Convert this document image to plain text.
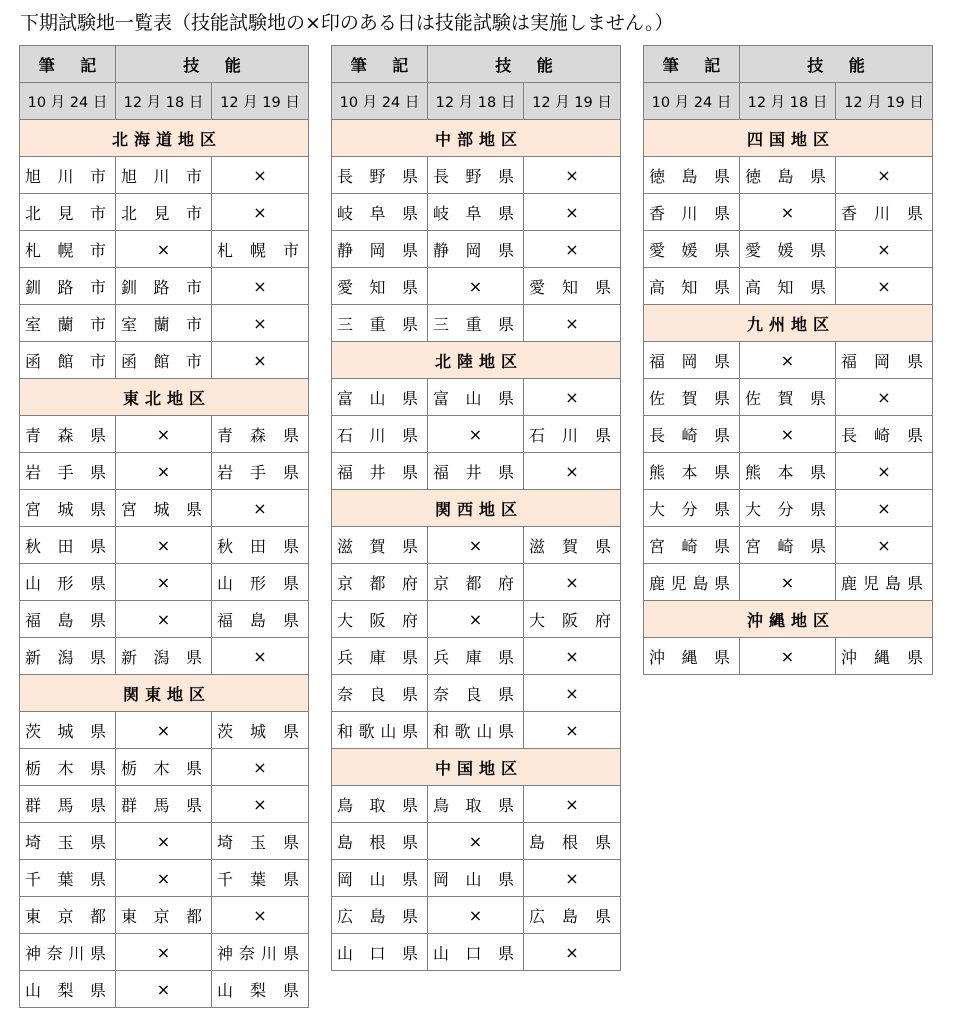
下期試験地一覧表（技能試験地の×印のある日は技能試験は実施しません。）
筆 記	技 能	
10 月 24 日	12 月 18 日	12 月 19 日
北海道地区		
旭川市	旭川市	×
北見市	北見市	×
札幌市	×	札幌市
釧路市	釧路市	×
室蘭市	室蘭市	×
函館市	函館市	×
東北地区		
青森県	×	青森県
岩手県	×	岩手県
宮城県	宮城県	×
秋田県	×	秋田県
山形県	×	山形県
福島県	×	福島県
新潟県	新潟県	×
関東地区		
茨城県	×	茨城県
栃木県	栃木県	×
群馬県	群馬県	×
埼玉県	×	埼玉県
千葉県	×	千葉県
東京都	東京都	×
神奈川県	×	神奈川県
山梨県	×	山梨県
筆 記	技 能	
10 月 24 日	12 月 18 日	12 月 19 日
中部地区		
長野県	長野県	×
岐阜県	岐阜県	×
静岡県	静岡県	×
愛知県	×	愛知県
三重県	三重県	×
北陸地区		
富山県	富山県	×
石川県	×	石川県
福井県	福井県	×
関西地区		
滋賀県	×	滋賀県
京都府	京都府	×
大阪府	×	大阪府
兵庫県	兵庫県	×
奈良県	奈良県	×
和歌山県	和歌山県	×
中国地区		
鳥取県	鳥取県	×
島根県	×	島根県
岡山県	岡山県	×
広島県	×	広島県
山口県	山口県	×
筆 記	技 能	
10 月 24 日	12 月 18 日	12 月 19 日
四国地区		
徳島県	徳島県	×
香川県	×	香川県
愛媛県	愛媛県	×
高知県	高知県	×
九州地区		
福岡県	×	福岡県
佐賀県	佐賀県	×
長崎県	×	長崎県
熊本県	熊本県	×
大分県	大分県	×
宮崎県	宮崎県	×
鹿児島県	×	鹿児島県
沖縄地区		
沖縄県	×	沖縄県
